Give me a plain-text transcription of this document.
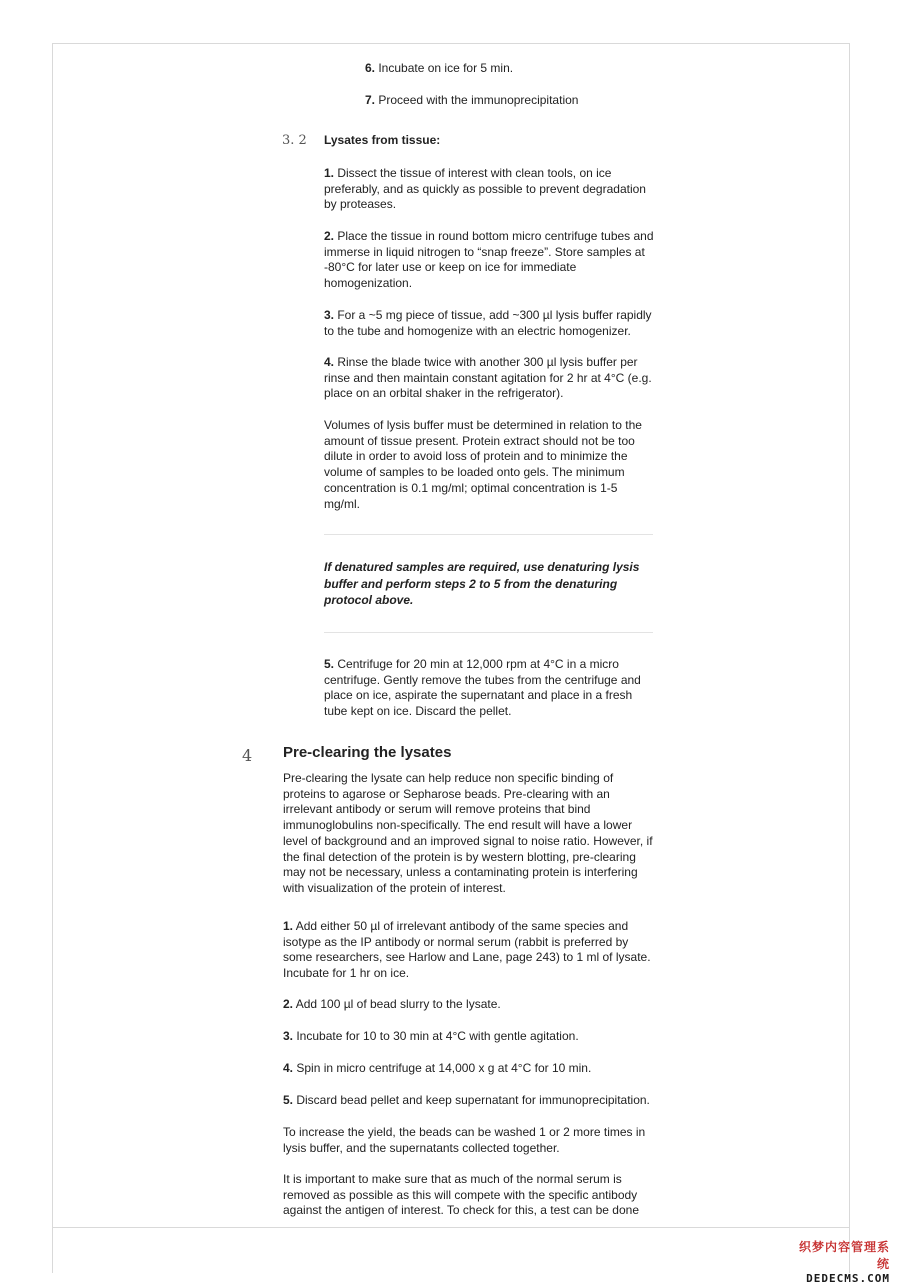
6. Incubate on ice for 5 min.

7. Proceed with the immunoprecipitation

3. 2 Lysates from tissue:

1. Dissect the tissue of interest with clean tools, on ice preferably, and as quickly as possible to prevent degradation by proteases.

2. Place the tissue in round bottom micro centrifuge tubes and immerse in liquid nitrogen to “snap freeze”. Store samples at -80°C for later use or keep on ice for immediate homogenization.

3. For a ~5 mg piece of tissue, add ~300 µl lysis buffer rapidly to the tube and homogenize with an electric homogenizer.

4. Rinse the blade twice with another 300 µl lysis buffer per rinse and then maintain constant agitation for 2 hr at 4°C (e.g. place on an orbital shaker in the refrigerator).

Volumes of lysis buffer must be determined in relation to the amount of tissue present. Protein extract should not be too dilute in order to avoid loss of protein and to minimize the volume of samples to be loaded onto gels. The minimum concentration is 0.1 mg/ml; optimal concentration is 1-5 mg/ml.

If denatured samples are required, use denaturing lysis buffer and perform steps 2 to 5 from the denaturing protocol above.

5. Centrifuge for 20 min at 12,000 rpm at 4°C in a micro centrifuge. Gently remove the tubes from the centrifuge and place on ice, aspirate the supernatant and place in a fresh tube kept on ice. Discard the pellet.

4 Pre-clearing the lysates

Pre-clearing the lysate can help reduce non specific binding of proteins to agarose or Sepharose beads. Pre-clearing with an irrelevant antibody or serum will remove proteins that bind immunoglobulins non-specifically. The end result will have a lower level of background and an improved signal to noise ratio. However, if the final detection of the protein is by western blotting, pre-clearing may not be necessary, unless a contaminating protein is interfering with visualization of the protein of interest.

1. Add either 50 µl of irrelevant antibody of the same species and isotype as the IP antibody or normal serum (rabbit is preferred by some researchers, see Harlow and Lane, page 243) to 1 ml of lysate. Incubate for 1 hr on ice.

2. Add 100 µl of bead slurry to the lysate.

3. Incubate for 10 to 30 min at 4°C with gentle agitation.

4. Spin in micro centrifuge at 14,000 x g at 4°C for 10 min.

5. Discard bead pellet and keep supernatant for immunoprecipitation.

To increase the yield, the beads can be washed 1 or 2 more times in lysis buffer, and the supernatants collected together.

It is important to make sure that as much of the normal serum is removed as possible as this will compete with the specific antibody against the antigen of interest. To check for this, a test can be done

织梦内容管理系统
DEDECMS.COM
